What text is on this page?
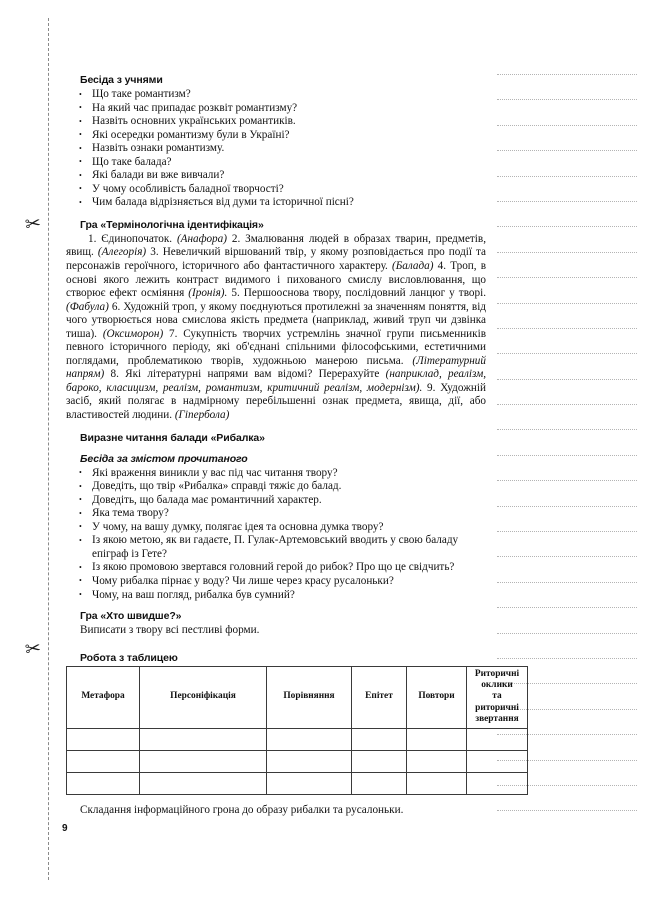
✂
✂
Бесіда з учнями
• Що таке романтизм?
• На який час припадає розквіт романтизму?
• Назвіть основних українських романтиків.
• Які осередки романтизму були в Україні?
• Назвіть ознаки романтизму.
• Що таке балада?
• Які балади ви вже вивчали?
• У чому особливість баладної творчості?
• Чим балада відрізняється від думи та історичної пісні?
Гра «Термінологічна ідентифікація»

1. Єдинопочаток. (Анафора) 2. Змалювання людей в образах тварин, предметів, явищ. (Алегорія) 3. Невеличкий віршований твір, у якому розповідається про події та персонажів героїчного, історичного або фантастичного характеру. (Балада) 4. Троп, в основі якого лежить контраст видимого і пихованого смислу висловлювання, що створює ефект осміяння (Іронія). 5. Першооснова твору, послідовний ланцюг у творі. (Фабула) 6. Художній троп, у якому поєднуються протилежні за значенням поняття, від чого утворюється нова смислова якість предмета (наприклад, живий труп чи дзвінка тиша). (Оксиморон) 7. Сукупність творчих устремлінь значної групи письменників певного історичного періоду, які об'єднані спільними філософськими, естетичними поглядами, проблематикою творів, художньою манерою письма. (Літературний напрям) 8. Які літературні напрями вам відомі? Перерахуйте (наприклад, реалізм, бароко, класицизм, реалізм, романтизм, критичний реалізм, модернізм). 9. Художній засіб, який полягає в надмірному перебільшенні ознак предмета, явища, дії, або властивостей людини. (Гіпербола)

Виразне читання балади «Рибалка»
Бесіда за змістом прочитаного
• Які враження виникли у вас під час читання твору?
• Доведіть, що твір «Рибалка» справді тяжіє до балад.
• Доведіть, що балада має романтичний характер.
• Яка тема твору?
• У чому, на вашу думку, полягає ідея та основна думка твору?
• Із якою метою, як ви гадаєте, П. Гулак-Артемовський вводить у свою баладу епіграф із Гете?
• Із якою промовою звертався головний герой до рибок? Про що це свідчить?
• Чому рибалка пірнає у воду? Чи лише через красу русалоньки?
• Чому, на ваш погляд, рибалка був сумний?
Гра «Хто швидше?»

Виписати з твору всі пестливі форми.

Робота з таблицею
Метафора	Персоніфікація	Порівняння	Епітет	Повтори	Риторичні оклики
та риторичні звертання

Складання інформаційного грона до образу рибалки та русалоньки.

9
